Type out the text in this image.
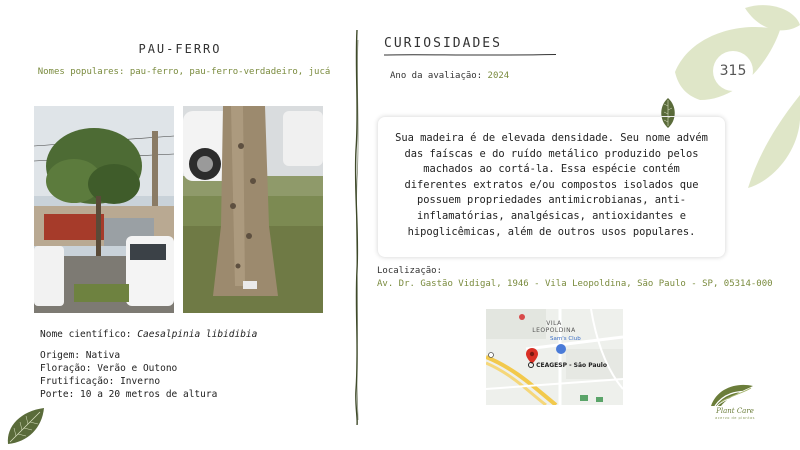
PAU-FERRO
Nomes populares: pau-ferro, pau-ferro-verdadeiro, jucá
Nome científico: Caesalpinia libidibia
Origem: Nativa
Floração: Verão e Outono
Frutificação: Inverno
Porte: 10 a 20 metros de altura
CURIOSIDADES
Ano da avaliação: 2024	315

Sua madeira é de elevada densidade. Seu nome advém das faíscas e do ruído metálico produzido pelos machados ao cortá-la. Essa espécie contém diferentes extratos e/ou compostos isolados que possuem propriedades antimicrobianas, anti-inflamatórias, analgésicas, antioxidantes e hipoglicêmicas, além de outros usos populares.

Localização:
Av. Dr. Gastão Vidigal, 1946 - Vila Leopoldina, São Paulo - SP, 05314-000
VILA LEOPOLDINA
Sam's Club
CEAGESP - São Paulo
Plant Care
acervo de plantas
